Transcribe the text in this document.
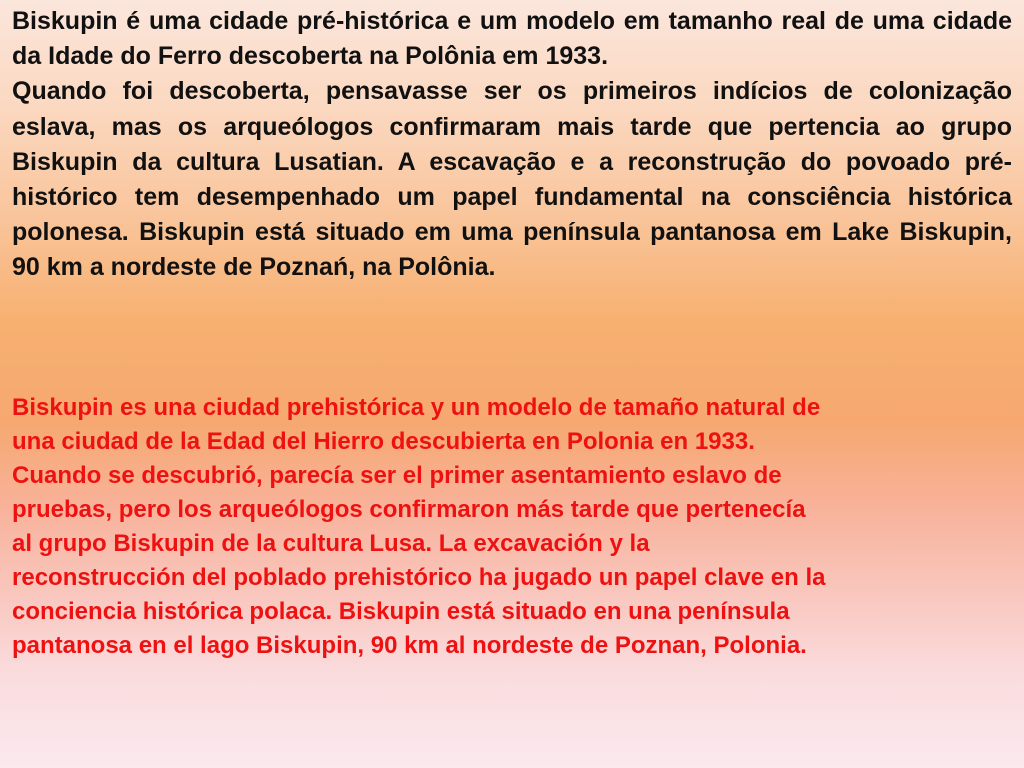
Biskupin é uma cidade pré-histórica e um modelo em tamanho real de uma cidade da Idade do Ferro descoberta na Polônia em 1933.

Quando foi descoberta, pensavasse ser os primeiros indícios de colonização eslava, mas os arqueólogos confirmaram mais tarde que pertencia ao grupo Biskupin da cultura Lusatian. A escavação e a reconstrução do povoado pré-histórico tem desempenhado um papel fundamental na consciência histórica polonesa. Biskupin está situado em uma península pantanosa em Lake Biskupin, 90 km a nordeste de Poznań, na Polônia.

Biskupin es una ciudad prehistórica y un modelo de tamaño natural de

una ciudad de la Edad del Hierro descubierta en Polonia en 1933.

Cuando se descubrió, parecía ser el primer asentamiento eslavo de

pruebas, pero los arqueólogos confirmaron más tarde que pertenecía

al grupo Biskupin de la cultura Lusa. La excavación y la

reconstrucción del poblado prehistórico ha jugado un papel clave en la

conciencia histórica polaca. Biskupin está situado en una península

pantanosa en el lago Biskupin, 90 km al nordeste de Poznan, Polonia.
